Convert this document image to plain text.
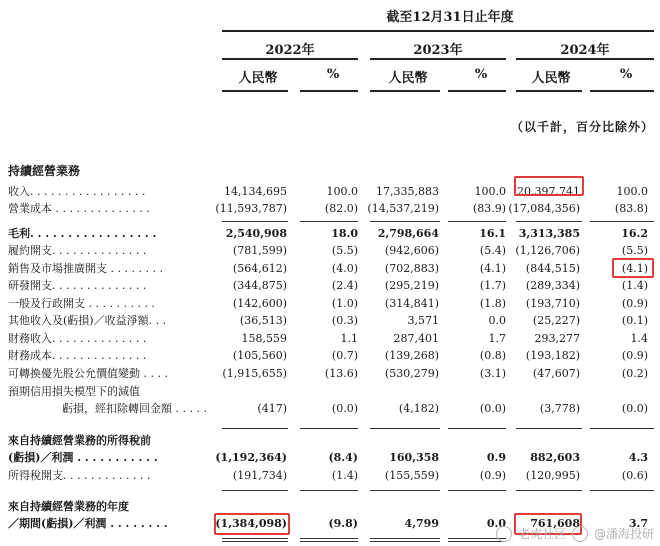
截至12月31日止年度
2022年	2023年	2024年
人民幣	%	人民幣	%	人民幣	%
（以千計，百分比除外）
持續經營業務
收入. . . . . . . . . . . . . . . . .	14,134,695	100.0 17,335,883	100.0 20,397,741	100.0
營業成本 . . . . . . . . . . . . . .	(11,593,787)	(82.0) (14,537,219)	(83.9) (17,084,356)	(83.8)
毛利. . . . . . . . . . . . . . . . .	2,540,908	18.0 2,798,664	16.1 3,313,385	16.2
履約開支. . . . . . . . . . . . . .	(781,599)	(5.5) (942,606)	(5.4) (1,126,706)	(5.5)
銷售及市場推廣開支 . . . . . . . .	(564,612)	(4.0) (702,883)	(4.1) (844,515)	(4.1)
研發開支. . . . . . . . . . . . . .	(344,875)	(2.4) (295,219)	(1.7) (289,334)	(1.4)
一般及行政開支 . . . . . . . . . .	(142,600)	(1.0) (314,841)	(1.8) (193,710)	(0.9)
其他收入及(虧損)／收益淨額. . .	(36,513)	(0.3)	3,571	0.0 (25,227)	(0.1)
財務收入. . . . . . . . . . . . . .	158,559	1.1	287,401	1.7	293,277	1.4
財務成本. . . . . . . . . . . . . .	(105,560)	(0.7) (139,268)	(0.8) (193,182)	(0.9)
可轉換優先股公允價值變動 . . . .	(1,915,655)	(13.6) (530,279)	(3.1) (47,607)	(0.2)
預期信用損失模型下的減值
虧損，經扣除轉回金額 . . . . .	(417)	(0.0)	(4,182)	(0.0)	(3,778)	(0.0)
來自持續經營業務的所得稅前
(虧損)／利潤 . . . . . . . . . . .	(1,192,364)	(8.4)	160,358	0.9 882,603	4.3
所得稅開支. . . . . . . . . . . . .	(191,734)	(1.4) (155,559)	(0.9) (120,995)	(0.6)
來自持續經營業務的年度
／期間(虧損)／利潤 . . . . . . . .	(1,384,098)	(9.8)	4,799	0.0 761,608	3.7
老虎社区 @潘海投研
